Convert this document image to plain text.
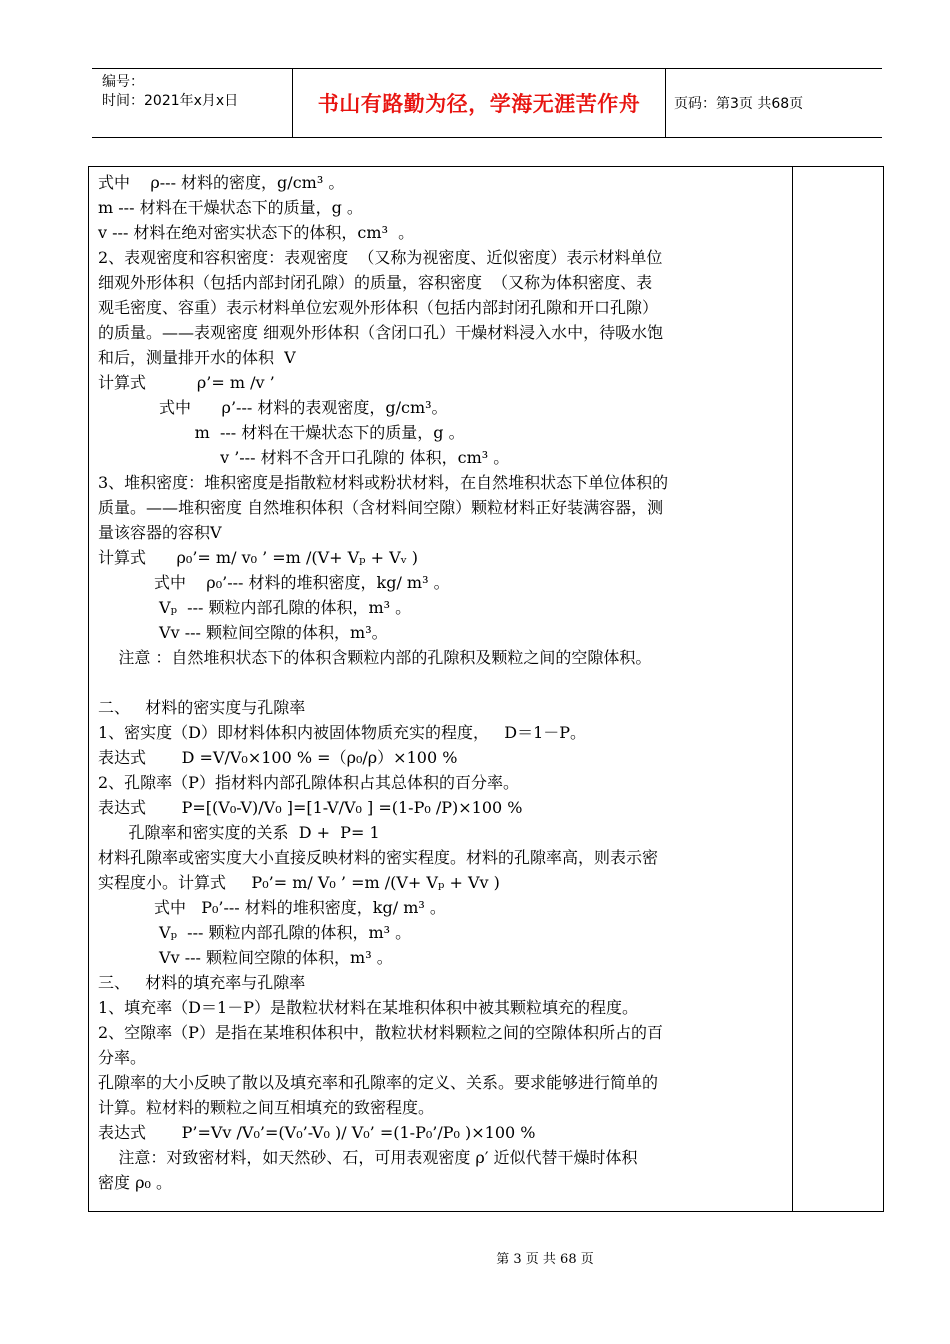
编号：
时间：2021年x月x日	书山有路勤为径，学海无涯苦作舟	页码：第3页 共68页

式中    ρ--- 材料的密度，g/cm³ 。

m --- 材料在干燥状态下的质量，g 。

v --- 材料在绝对密实状态下的体积，cm³  。

2、表观密度和容积密度：表观密度  （又称为视密度、近似密度）表示材料单位

细观外形体积（包括内部封闭孔隙）的质量，容积密度  （又称为体积密度、表

观毛密度、容重）表示材料单位宏观外形体积（包括内部封闭孔隙和开口孔隙）

的质量。——表观密度 细观外形体积（含闭口孔）干燥材料浸入水中，待吸水饱

和后，测量排开水的体积  V

计算式          ρ’= m /v ’

式中      ρ’--- 材料的表观密度，g/cm³。

m  --- 材料在干燥状态下的质量，g 。

v ’--- 材料不含开口孔隙的 体积，cm³ 。

3、堆积密度：堆积密度是指散粒材料或粉状材料，在自然堆积状态下单位体积的

质量。——堆积密度 自然堆积体积（含材料间空隙）颗粒材料正好装满容器，测

量该容器的容积V

计算式      ρ₀’= m/ v₀ ’ =m /(V+ Vₚ + Vᵥ )

式中    ρ₀’--- 材料的堆积密度，kg/ m³ 。

Vₚ  --- 颗粒内部孔隙的体积，m³ 。

Vv --- 颗粒间空隙的体积，m³。

注意 ：自然堆积状态下的体积含颗粒内部的孔隙积及颗粒之间的空隙体积。

二、   材料的密实度与孔隙率

1、密实度（D）即材料体积内被固体物质充实的程度，   D＝1－P。

表达式       D =V/V₀×100 % =（ρ₀/ρ）×100 %

2、孔隙率（P）指材料内部孔隙体积占其总体积的百分率。

表达式       P=[(V₀-V)/V₀ ]=[1-V/V₀ ] =(1-P₀ /P)×100 %

孔隙率和密实度的关系  D +  P= 1

材料孔隙率或密实度大小直接反映材料的密实程度。材料的孔隙率高，则表示密

实程度小。计算式     P₀’= m/ V₀ ’ =m /(V+ Vₚ + Vv )

式中   P₀’--- 材料的堆积密度，kg/ m³ 。

Vₚ  --- 颗粒内部孔隙的体积，m³ 。

Vv --- 颗粒间空隙的体积，m³ 。

三、   材料的填充率与孔隙率

1、填充率（D＝1－P）是散粒状材料在某堆积体积中被其颗粒填充的程度。

2、空隙率（P）是指在某堆积体积中，散粒状材料颗粒之间的空隙体积所占的百

分率。

孔隙率的大小反映了散以及填充率和孔隙率的定义、关系。要求能够进行简单的

计算。粒材料的颗粒之间互相填充的致密程度。

表达式       P’=Vv /V₀’=(V₀’-V₀ )/ V₀’ =(1-P₀’/P₀ )×100 %

注意：对致密材料，如天然砂、石，可用表观密度 ρ′ 近似代替干燥时体积

密度 ρ₀ 。

第 3 页 共 68 页
